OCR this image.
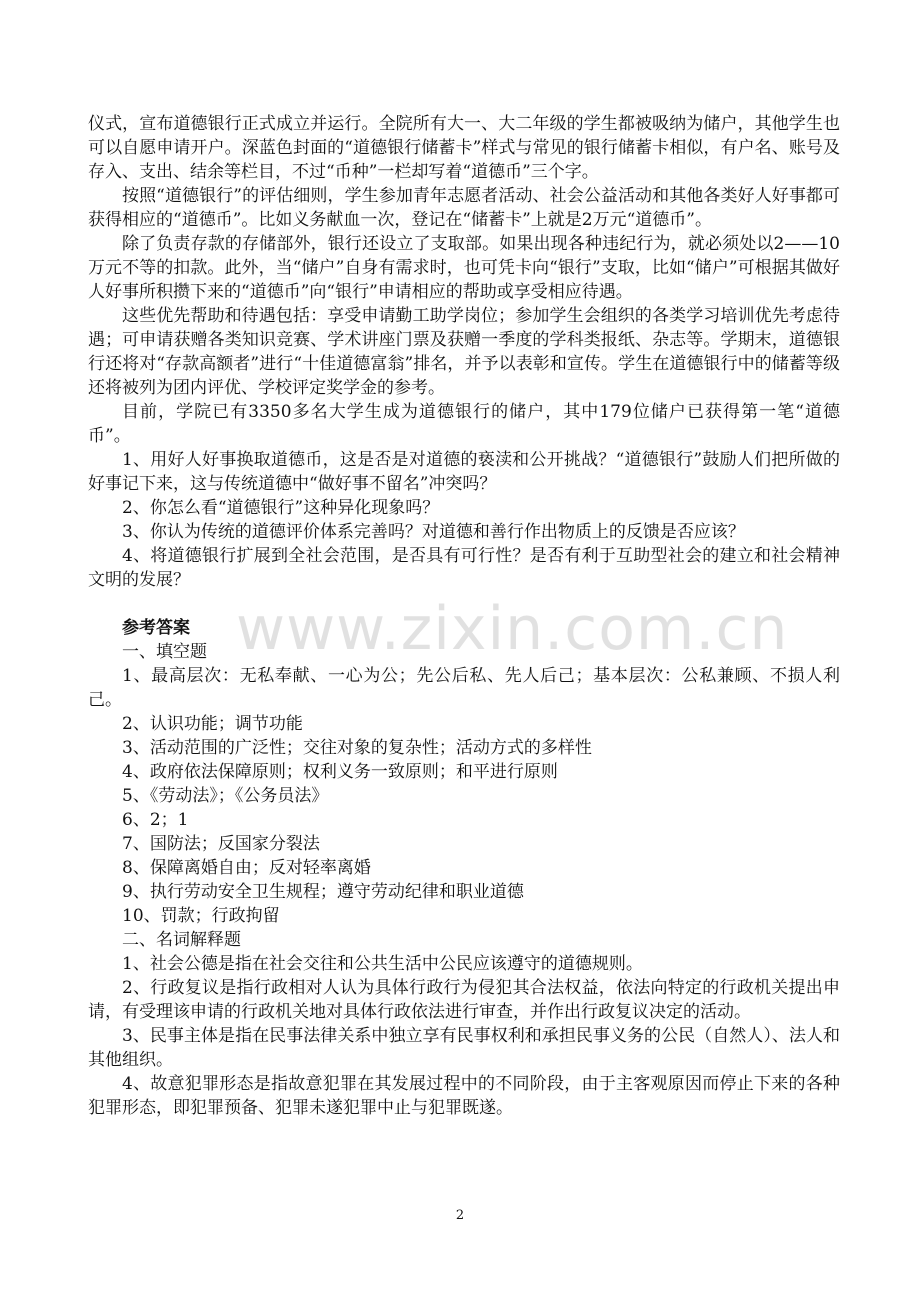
仪式，宣布道德银行正式成立并运行。全院所有大一、大二年级的学生都被吸纳为储户，其他学生也可以自愿申请开户。深蓝色封面的“道德银行储蓄卡”样式与常见的银行储蓄卡相似，有户名、账号及存入、支出、结余等栏目，不过“币种”一栏却写着“道德币”三个字。

按照“道德银行”的评估细则，学生参加青年志愿者活动、社会公益活动和其他各类好人好事都可获得相应的“道德币”。比如义务献血一次，登记在“储蓄卡”上就是2万元“道德币”。

除了负责存款的存储部外，银行还设立了支取部。如果出现各种违纪行为，就必须处以2——10万元不等的扣款。此外，当“储户”自身有需求时，也可凭卡向“银行”支取，比如“储户”可根据其做好人好事所积攒下来的“道德币”向“银行”申请相应的帮助或享受相应待遇。

这些优先帮助和待遇包括：享受申请勤工助学岗位；参加学生会组织的各类学习培训优先考虑待遇；可申请获赠各类知识竞赛、学术讲座门票及获赠一季度的学科类报纸、杂志等。学期末，道德银行还将对“存款高额者”进行“十佳道德富翁”排名，并予以表彰和宣传。学生在道德银行中的储蓄等级还将被列为团内评优、学校评定奖学金的参考。

目前，学院已有3350多名大学生成为道德银行的储户，其中179位储户已获得第一笔“道德币”。

1、用好人好事换取道德币，这是否是对道德的亵渎和公开挑战？“道德银行”鼓励人们把所做的好事记下来，这与传统道德中“做好事不留名”冲突吗？

2、你怎么看“道德银行”这种异化现象吗？

3、你认为传统的道德评价体系完善吗？对道德和善行作出物质上的反馈是否应该？

4、将道德银行扩展到全社会范围，是否具有可行性？是否有利于互助型社会的建立和社会精神文明的发展？

参考答案

一、填空题

1、最高层次：无私奉献、一心为公；先公后私、先人后己；基本层次：公私兼顾、不损人利己。

2、认识功能；调节功能

3、活动范围的广泛性；交往对象的复杂性；活动方式的多样性

4、政府依法保障原则；权利义务一致原则；和平进行原则

5、《劳动法》；《公务员法》

6、2；1

7、国防法；反国家分裂法

8、保障离婚自由；反对轻率离婚

9、执行劳动安全卫生规程；遵守劳动纪律和职业道德

10、罚款；行政拘留

二、名词解释题

1、社会公德是指在社会交往和公共生活中公民应该遵守的道德规则。

2、行政复议是指行政相对人认为具体行政行为侵犯其合法权益，依法向特定的行政机关提出申请，有受理该申请的行政机关地对具体行政依法进行审查，并作出行政复议决定的活动。

3、民事主体是指在民事法律关系中独立享有民事权利和承担民事义务的公民（自然人）、法人和其他组织。

4、故意犯罪形态是指故意犯罪在其发展过程中的不同阶段，由于主客观原因而停止下来的各种犯罪形态，即犯罪预备、犯罪未遂犯罪中止与犯罪既遂。

www.zixin.com.cn
2
